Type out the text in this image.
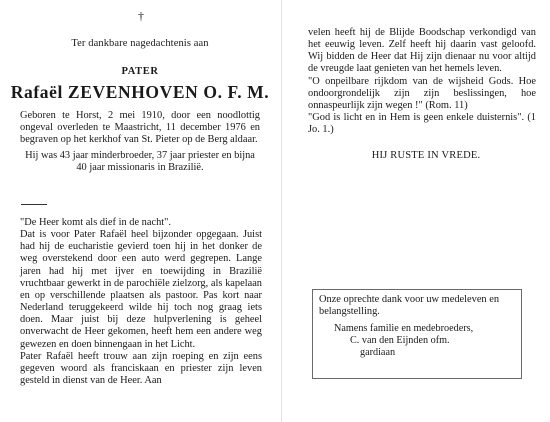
†
Ter dankbare nagedachtenis aan
PATER
Rafaël ZEVENHOVEN O. F. M.

Geboren te Horst, 2 mei 1910, door een noodlottig ongeval overleden te Maastricht, 11 december 1976 en begraven op het kerkhof van St. Pieter op de Berg aldaar.

Hij was 43 jaar minderbroeder, 37 jaar priester en bijna 40 jaar missionaris in Brazilië.

"De Heer komt als dief in de nacht".

Dat is voor Pater Rafaël heel bijzonder opgegaan. Juist had hij de eucharistie gevierd toen hij in het donker de weg overstekend door een auto werd gegrepen. Lange jaren had hij met ijver en toewijding in Brazilië vruchtbaar gewerkt in de parochiële zielzorg, als kapelaan en op verschillende plaatsen als pastoor. Pas kort naar Nederland teruggekeerd wilde hij toch nog graag iets doen. Maar juist bij deze hulpverlening is geheel onverwacht de Heer gekomen, heeft hem een andere weg gewezen en doen binnengaan in het Licht.

Pater Rafaël heeft trouw aan zijn roeping en zijn eens gegeven woord als franciskaan en priester zijn leven gesteld in dienst van de Heer. Aan

velen heeft hij de Blijde Boodschap verkondigd van het eeuwig leven. Zelf heeft hij daarin vast geloofd. Wij bidden de Heer dat Hij zijn dienaar nu voor altijd de vreugde laat genieten van het hemels leven.

"O onpeilbare rijkdom van de wijsheid Gods. Hoe ondoorgrondelijk zijn zijn beslissingen, hoe onnaspeurlijk zijn wegen !" (Rom. 11)

"God is licht en in Hem is geen enkele duisternis". (1 Jo. 1.)

HIJ RUSTE IN VREDE.
Onze oprechte dank voor uw medeleven en belangstelling.
Namens familie en medebroeders,
C. van den Eijnden ofm.
gardiaan
